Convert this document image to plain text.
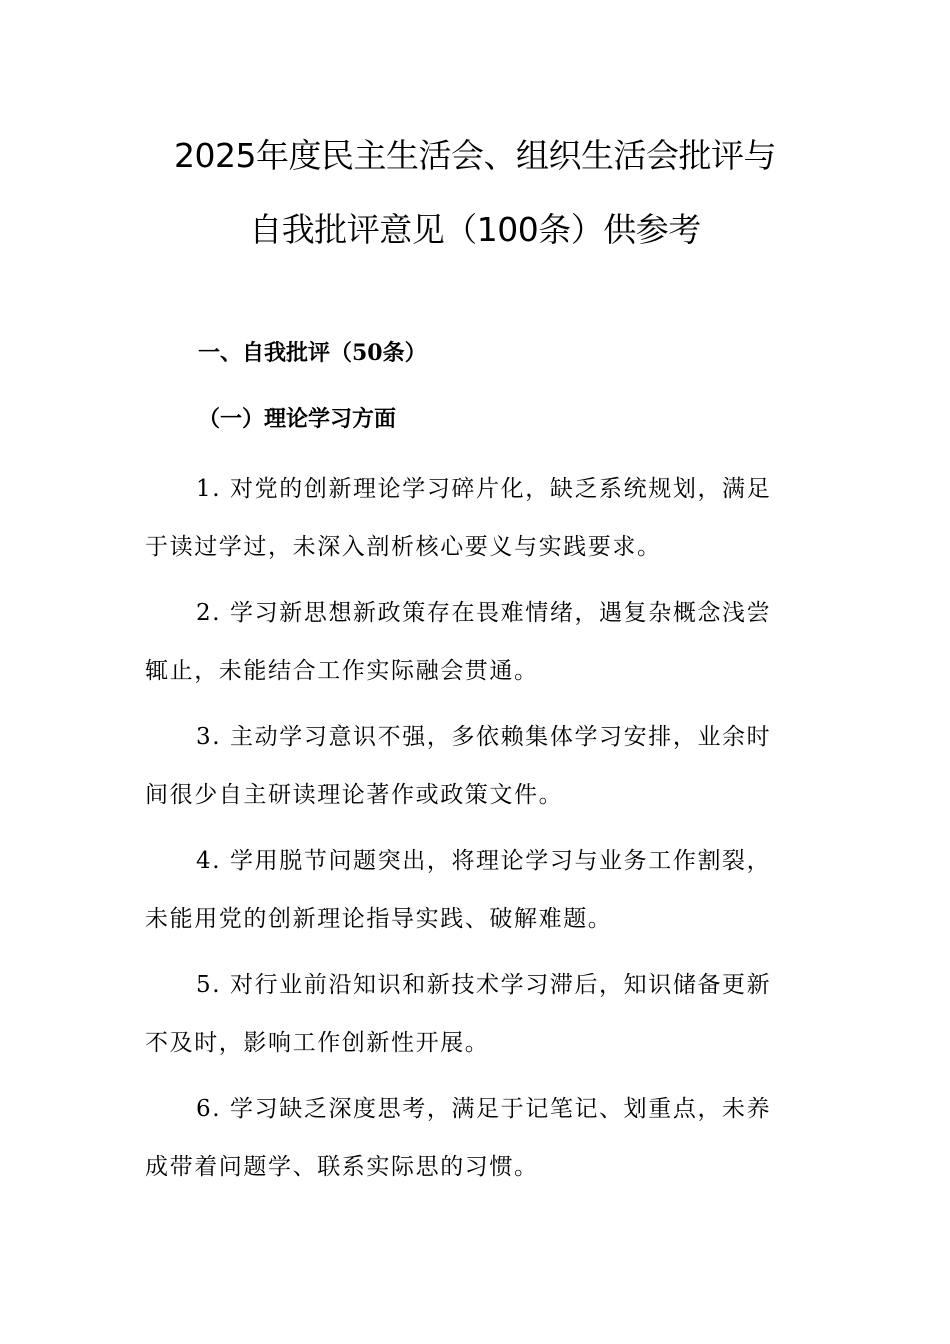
2025年度民主生活会、组织生活会批评与
自我批评意见（100条）供参考
一、自我批评（50条）
（一）理论学习方面
1. 对党的创新理论学习碎片化，缺乏系统规划，满足
于读过学过，未深入剖析核心要义与实践要求。
2. 学习新思想新政策存在畏难情绪，遇复杂概念浅尝
辄止，未能结合工作实际融会贯通。
3. 主动学习意识不强，多依赖集体学习安排，业余时
间很少自主研读理论著作或政策文件。
4. 学用脱节问题突出，将理论学习与业务工作割裂，
未能用党的创新理论指导实践、破解难题。
5. 对行业前沿知识和新技术学习滞后，知识储备更新
不及时，影响工作创新性开展。
6. 学习缺乏深度思考，满足于记笔记、划重点，未养
成带着问题学、联系实际思的习惯。
